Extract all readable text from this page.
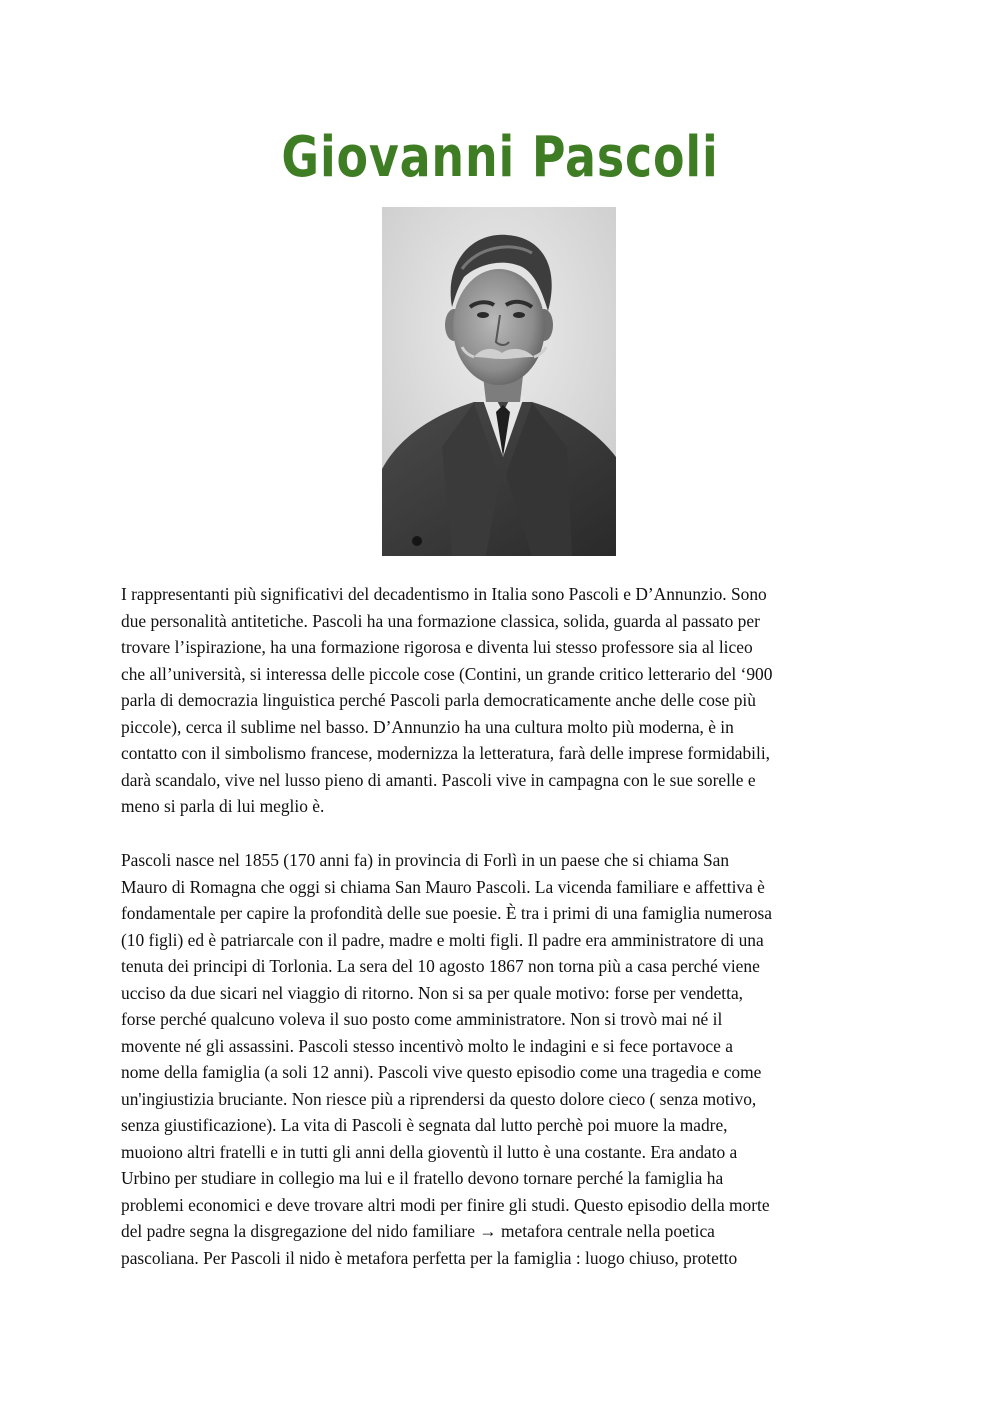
Giovanni Pascoli
I rappresentanti più significativi del decadentismo in Italia sono Pascoli e D’Annunzio. Sono
due personalità antitetiche. Pascoli ha una formazione classica, solida, guarda al passato per
trovare l’ispirazione, ha una formazione rigorosa e diventa lui stesso professore sia al liceo
che all’università, si interessa delle piccole cose (Contini, un grande critico letterario del ‘900
parla di democrazia linguistica perché Pascoli parla democraticamente anche delle cose più
piccole), cerca il sublime nel basso. D’Annunzio ha una cultura molto più moderna, è in
contatto con il simbolismo francese, modernizza la letteratura, farà delle imprese formidabili,
darà scandalo, vive nel lusso pieno di amanti. Pascoli vive in campagna con le sue sorelle e
meno si parla di lui meglio è.
Pascoli nasce nel 1855 (170 anni fa) in provincia di Forlì in un paese che si chiama San
Mauro di Romagna che oggi si chiama San Mauro Pascoli. La vicenda familiare e affettiva è
fondamentale per capire la profondità delle sue poesie. È tra i primi di una famiglia numerosa
(10 figli) ed è patriarcale con il padre, madre e molti figli. Il padre era amministratore di una
tenuta dei principi di Torlonia. La sera del 10 agosto 1867 non torna più a casa perché viene
ucciso da due sicari nel viaggio di ritorno. Non si sa per quale motivo: forse per vendetta,
forse perché qualcuno voleva il suo posto come amministratore. Non si trovò mai né il
movente né gli assassini. Pascoli stesso incentivò molto le indagini e si fece portavoce a
nome della famiglia (a soli 12 anni). Pascoli vive questo episodio come una tragedia e come
un'ingiustizia bruciante. Non riesce più a riprendersi da questo dolore cieco ( senza motivo,
senza giustificazione). La vita di Pascoli è segnata dal lutto perchè poi muore la madre,
muoiono altri fratelli e in tutti gli anni della gioventù il lutto è una costante. Era andato a
Urbino per studiare in collegio ma lui e il fratello devono tornare perché la famiglia ha
problemi economici e deve trovare altri modi per finire gli studi. Questo episodio della morte
del padre segna la disgregazione del nido familiare → metafora centrale nella poetica
pascoliana. Per Pascoli il nido è metafora perfetta per la famiglia : luogo chiuso, protetto
